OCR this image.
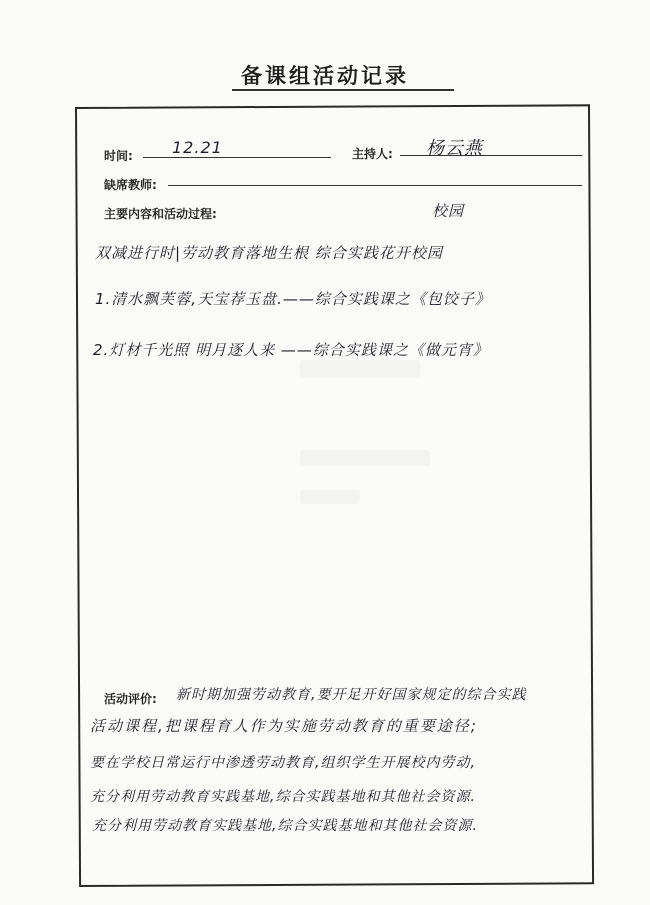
备课组活动记录
时间: 12.21	主持人: 杨云燕
缺席教师:
主要内容和活动过程:	校园
双减进行时|劳动教育落地生根 综合实践花开校园
1.清水飘芙蓉,天宝荐玉盘.——综合实践课之《包饺子》
2.灯材千光照 明月逐人来 ——综合实践课之《做元宵》
活动评价: 新时期加强劳动教育,要开足开好国家规定的综合实践
活动课程,把课程育人作为实施劳动教育的重要途径;
要在学校日常运行中渗透劳动教育,组织学生开展校内劳动,
充分利用劳动教育实践基地,综合实践基地和其他社会资源.
充分利用劳动教育实践基地,综合实践基地和其他社会资源.
